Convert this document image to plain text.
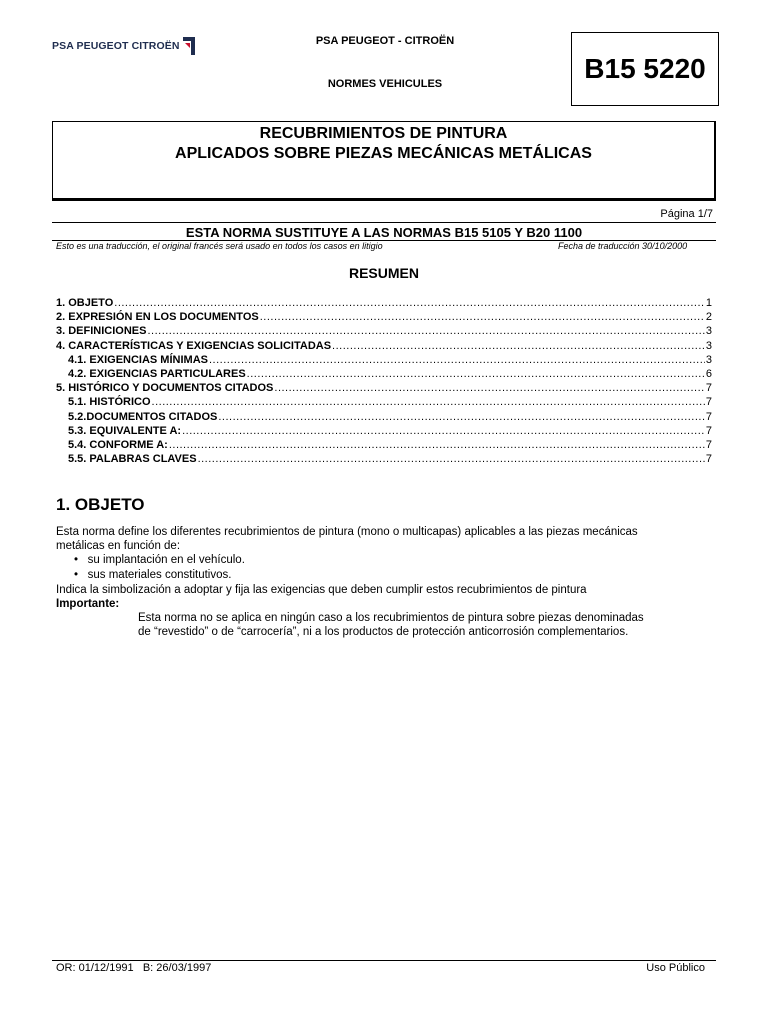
PSA PEUGEOT CITROËN	PSA PEUGEOT - CITROËN
NORMES VEHICULES	B15 5220
RECUBRIMIENTOS DE PINTURA
APLICADOS SOBRE PIEZAS MECÁNICAS METÁLICAS
Página 1/7
ESTA NORMA SUSTITUYE A LAS NORMAS B15 5105 Y B20 1100
Esto es una traducción, el original francés será usado en todos los casos en litigio	Fecha de traducción 30/10/2000
RESUMEN
1. OBJETO .....	1
2. EXPRESIÓN EN LOS DOCUMENTOS .....	2
3. DEFINICIONES .....	3
4. CARACTERÍSTICAS Y EXIGENCIAS SOLICITADAS .....	3
4.1. EXIGENCIAS MÍNIMAS .....	3
4.2. EXIGENCIAS PARTICULARES .....	6
5. HISTÓRICO Y DOCUMENTOS CITADOS .....	7
5.1. HISTÓRICO .....	7
5.2.DOCUMENTOS CITADOS .....	7
5.3. EQUIVALENTE A: .....	7
5.4. CONFORME A: .....	7
5.5. PALABRAS CLAVES .....	7
1. OBJETO
Esta norma define los diferentes recubrimientos de pintura (mono o multicapas) aplicables a las piezas mecánicas
metálicas en función de:
• su implantación en el vehículo.
• sus materiales constitutivos.
Indica la simbolización a adoptar y fija las exigencias que deben cumplir estos recubrimientos de pintura
Importante:
Esta norma no se aplica en ningún caso a los recubrimientos de pintura sobre piezas denominadas
de “revestido” o de “carrocería”, ni a los productos de protección anticorrosión complementarios.
OR: 01/12/1991   B: 26/03/1997	Uso Público
